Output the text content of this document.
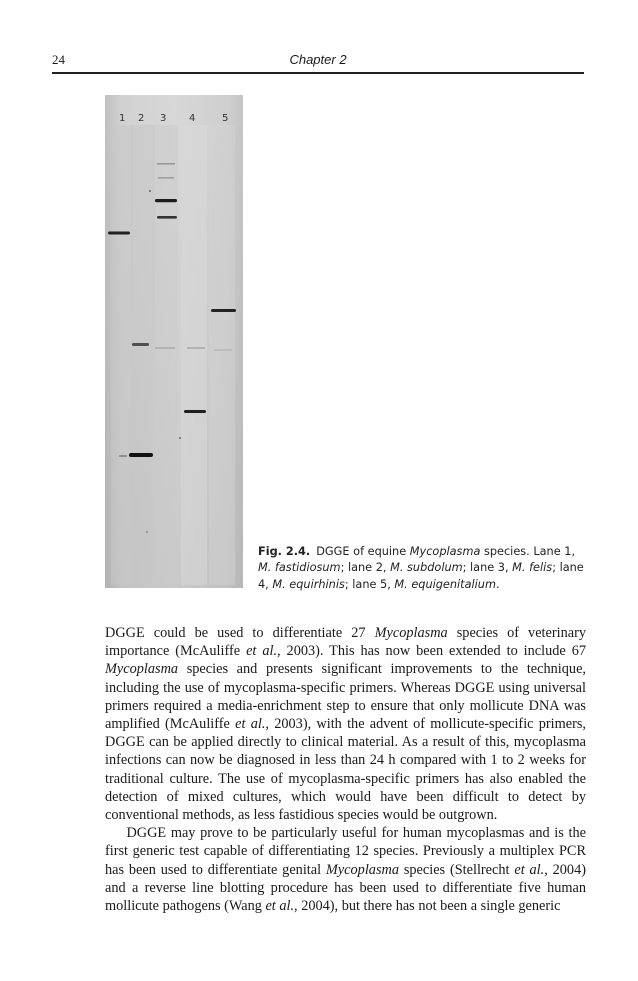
24	Chapter 2
1 2 3 4	5
Fig. 2.4. DGGE of equine Mycoplasma species. Lane 1, M. fastidiosum; lane 2, M. subdolum; lane 3, M. felis; lane 4, M. equirhinis; lane 5, M. equigenitalium.

DGGE could be used to differentiate 27 Mycoplasma species of veterinary importance (McAuliffe et al., 2003). This has now been extended to include 67 Mycoplasma species and presents significant improvements to the technique, including the use of mycoplasma-specific primers. Whereas DGGE using universal primers required a media-enrichment step to ensure that only mollicute DNA was amplified (McAuliffe et al., 2003), with the advent of mollicute-specific primers, DGGE can be applied directly to clinical material. As a result of this, mycoplasma infections can now be diagnosed in less than 24 h compared with 1 to 2 weeks for traditional culture. The use of mycoplasma-specific primers has also enabled the detection of mixed cultures, which would have been difficult to detect by conventional methods, as less fastidious species would be outgrown.

DGGE may prove to be particularly useful for human mycoplasmas and is the first generic test capable of differentiating 12 species. Previously a multiplex PCR has been used to differentiate genital Mycoplasma species (Stellrecht et al., 2004) and a reverse line blotting procedure has been used to differentiate five human mollicute pathogens (Wang et al., 2004), but there has not been a single generic
